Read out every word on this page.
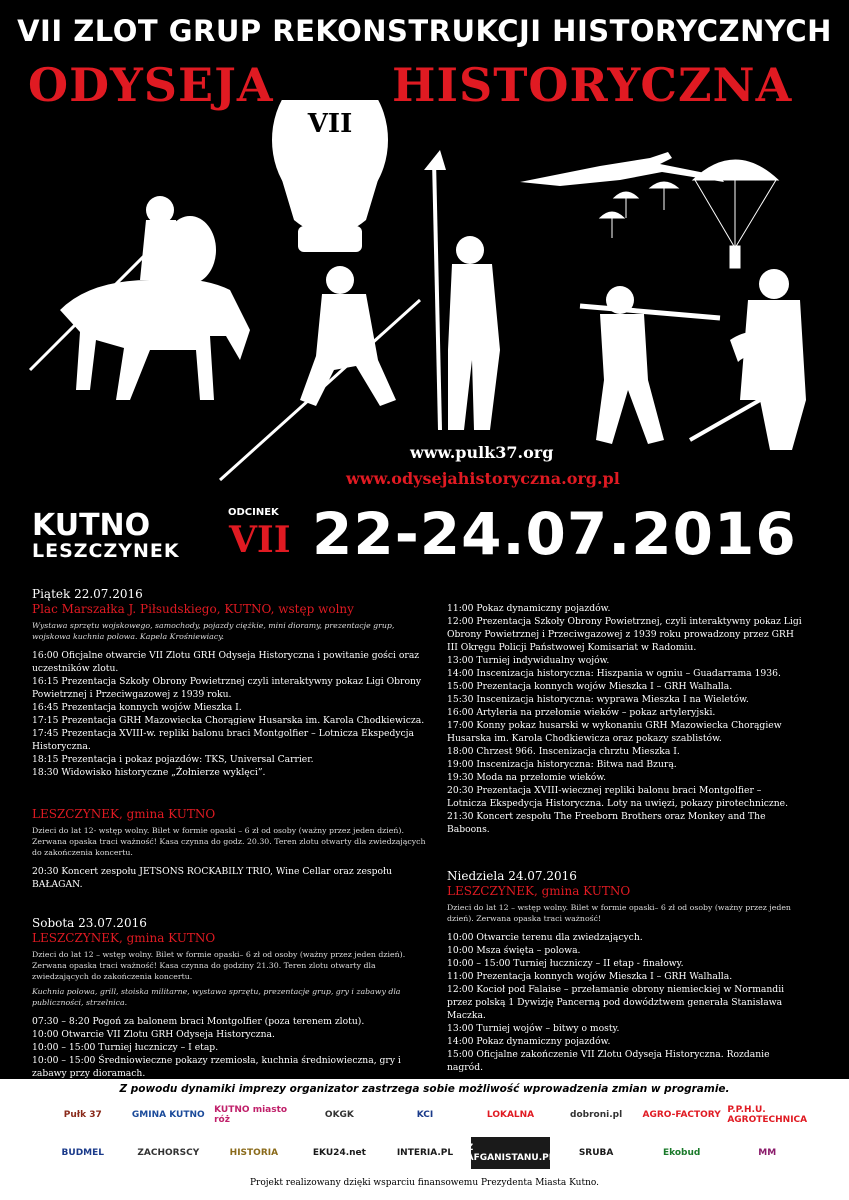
VII ZLOT GRUP REKONSTRUKCJI HISTORYCZNYCH
ODYSEJA	HISTORYCZNA
VII
www.pulk37.org
www.odysejahistoryczna.org.pl
KUTNO
LESZCZYNEK
ODCINEK
VII 22-24.07.2016

Piątek 22.07.2016

Plac Marszałka J. Piłsudskiego, KUTNO, wstęp wolny

Wystawa sprzętu wojskowego, samochody, pojazdy ciężkie, mini dioramy, prezentacje grup, wojskowa kuchnia polowa. Kapela Krośniewiacy.

16:00 Oficjalne otwarcie VII Zlotu GRH Odyseja Historyczna i powitanie gości oraz uczestników zlotu.

16:15 Prezentacja Szkoły Obrony Powietrznej czyli interaktywny pokaz Ligi Obrony Powietrznej i Przeciwgazowej z 1939 roku.

16:45 Prezentacja konnych wojów Mieszka I.

17:15 Prezentacja GRH Mazowiecka Chorągiew Husarska im. Karola Chodkiewicza.

17:45 Prezentacja XVIII-w. repliki balonu braci Montgolfier – Lotnicza Ekspedycja Historyczna.

18:15 Prezentacja i pokaz pojazdów: TKS, Universal Carrier.

18:30 Widowisko historyczne „Żołnierze wyklęci”.

LESZCZYNEK, gmina KUTNO

Dzieci do lat 12- wstęp wolny. Bilet w formie opaski – 6 zł od osoby (ważny przez jeden dzień). Zerwana opaska traci ważność! Kasa czynna do godz. 20.30. Teren zlotu otwarty dla zwiedzających do zakończenia koncertu.

20:30 Koncert zespołu JETSONS ROCKABILY TRIO, Wine Cellar oraz zespołu BAŁAGAN.

Sobota 23.07.2016

LESZCZYNEK, gmina KUTNO

Dzieci do lat 12 – wstęp wolny. Bilet w formie opaski– 6 zł od osoby (ważny przez jeden dzień). Zerwana opaska traci ważność! Kasa czynna do godziny 21.30. Teren zlotu otwarty dla zwiedzających do zakończenia koncertu.

Kuchnia polowa, grill, stoiska militarne, wystawa sprzętu, prezentacje grup, gry i zabawy dla publiczności, strzelnica.

07:30 – 8:20 Pogoń za balonem braci Montgolfier (poza terenem zlotu).

10:00 Otwarcie VII Zlotu GRH Odyseja Historyczna.

10:00 – 15:00 Turniej łuczniczy – I etap.

10:00 – 15:00 Średniowieczne pokazy rzemiosła, kuchnia średniowieczna, gry i zabawy przy dioramach.

11:00 Pokaz dynamiczny pojazdów.

12:00 Prezentacja Szkoły Obrony Powietrznej, czyli interaktywny pokaz Ligi Obrony Powietrznej i Przeciwgazowej z 1939 roku prowadzony przez GRH III Okręgu Policji Państwowej Komisariat w Radomiu.

13:00 Turniej indywidualny wojów.

14:00 Inscenizacja historyczna: Hiszpania w ogniu – Guadarrama 1936.

15:00 Prezentacja konnych wojów Mieszka I – GRH Walhalla.

15:30 Inscenizacja historyczna: wyprawa Mieszka I na Wieletów.

16:00 Artyleria na przełomie wieków – pokaz artyleryjski.

17:00 Konny pokaz husarski w wykonaniu GRH Mazowiecka Chorągiew Husarska im. Karola Chodkiewicza oraz pokazy szablistów.

18:00 Chrzest 966. Inscenizacja chrztu Mieszka I.

19:00 Inscenizacja historyczna: Bitwa nad Bzurą.

19:30 Moda na przełomie wieków.

20:30 Prezentacja XVIII-wiecznej repliki balonu braci Montgolfier – Lotnicza Ekspedycja Historyczna. Loty na uwięzi, pokazy pirotechniczne.

21:30 Koncert zespołu The Freeborn Brothers oraz Monkey and The Baboons.

Niedziela 24.07.2016

LESZCZYNEK, gmina KUTNO

Dzieci do lat 12 – wstęp wolny. Bilet w formie opaski– 6 zł od osoby (ważny przez jeden dzień). Zerwana opaska traci ważność!

10:00 Otwarcie terenu dla zwiedzających.

10:00 Msza święta – polowa.

10:00 – 15:00 Turniej łuczniczy – II etap - finałowy.

11:00 Prezentacja konnych wojów Mieszka I – GRH Walhalla.

12:00 Kocioł pod Falaise – przełamanie obrony niemieckiej w Normandii przez polską 1 Dywizję Pancerną pod dowództwem generała Stanisława Maczka.

13:00 Turniej wojów – bitwy o mosty.

14:00 Pokaz dynamiczny pojazdów.

15:00 Oficjalne zakończenie VII Zlotu Odyseja Historyczna. Rozdanie nagród.

Z powodu dynamiki imprezy organizator zastrzega sobie możliwość wprowadzenia zmian w programie.
Pułk 37	GMINA KUTNO	KUTNO miasto róż	OKGK	KCI	LOKALNA	dobroni.pl	AGRO-FACTORY P.P.H.U. AGROTECHNICA
BUDMEL	ZACHORSCY	HISTORIA	EKU24.net	INTERIA.PL	Z AFGANISTANU.PL	SRUBA	Ekobud	MM
Projekt realizowany dzięki wsparciu finansowemu Prezydenta Miasta Kutno.
